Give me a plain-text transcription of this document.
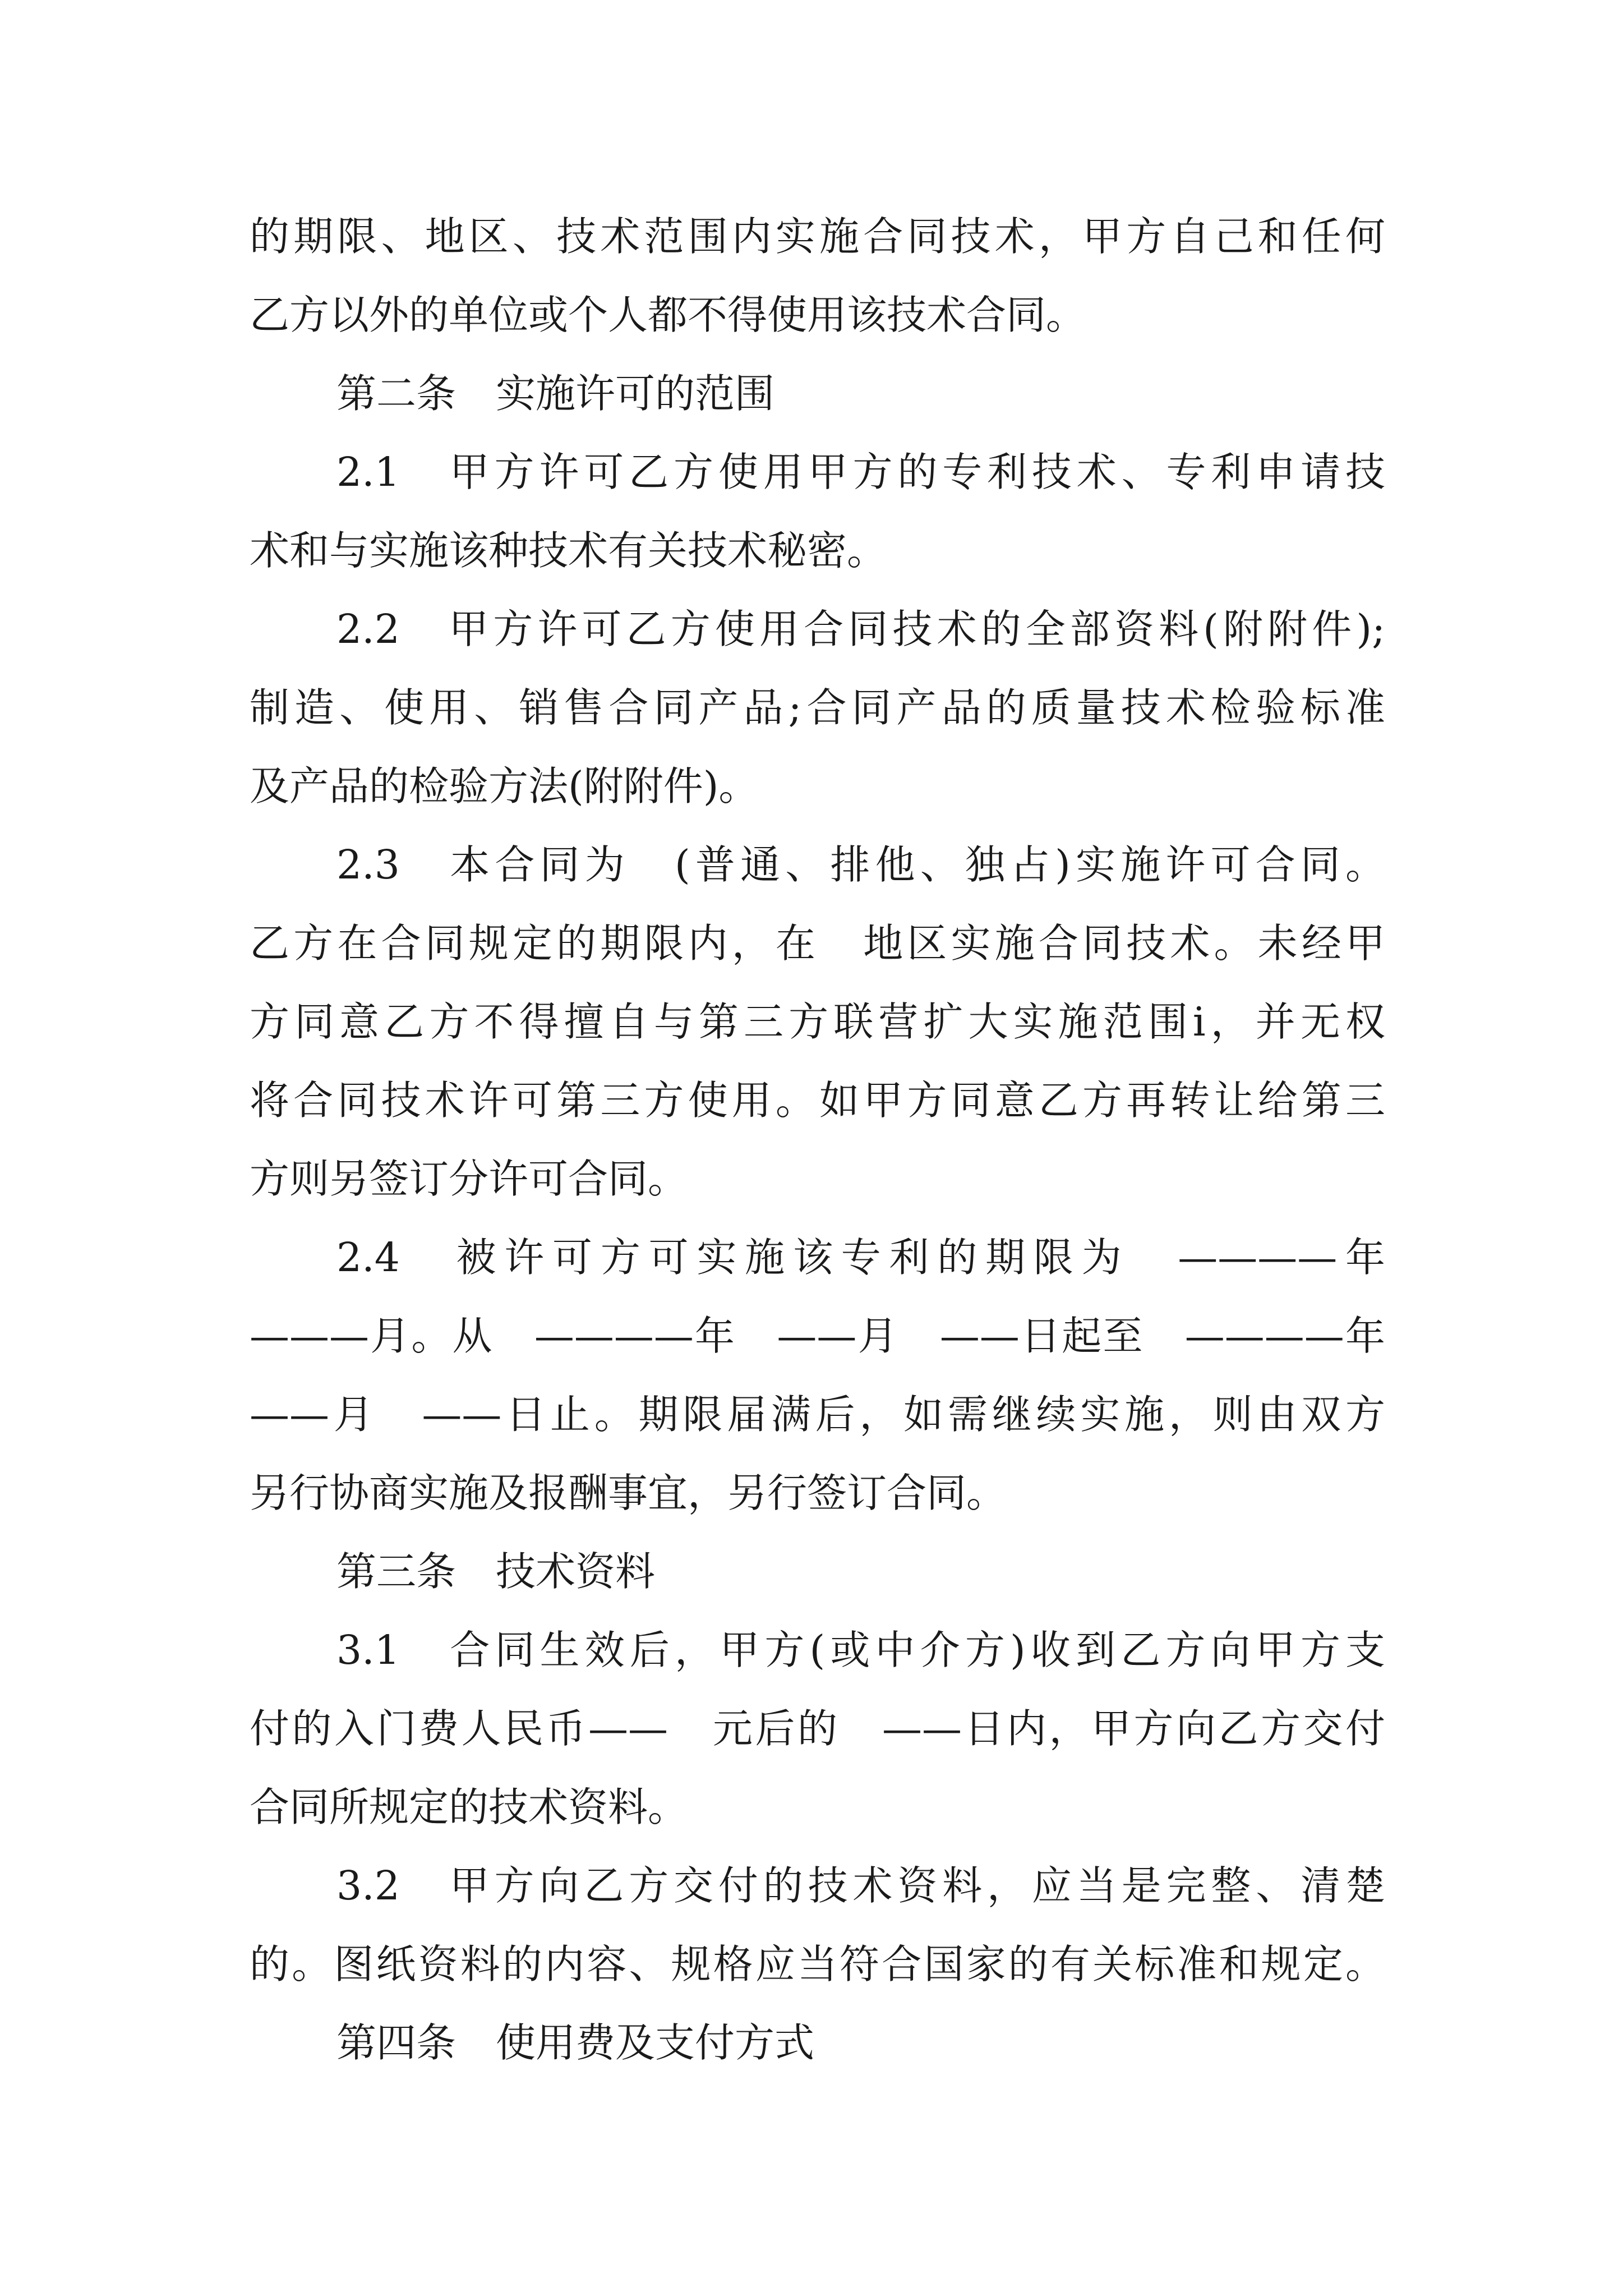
的期限、地区、技术范围内实施合同技术，甲方自己和任何
乙方以外的单位或个人都不得使用该技术合同。
第二条　实施许可的范围
2.1　甲方许可乙方使用甲方的专利技术、专利申请技
术和与实施该种技术有关技术秘密。
2.2　甲方许可乙方使用合同技术的全部资料(附附件);
制造、使用、销售合同产品;合同产品的质量技术检验标准
及产品的检验方法(附附件)。
2.3　本合同为　(普通、排他、独占)实施许可合同。
乙方在合同规定的期限内，在　地区实施合同技术。未经甲
方同意乙方不得擅自与第三方联营扩大实施范围i，并无权
将合同技术许可第三方使用。如甲方同意乙方再转让给第三
方则另签订分许可合同。
2.4　被许可方可实施该专利的期限为　————年
———月。从　————年　——月　——日起至　————年
——月　——日止。期限届满后，如需继续实施，则由双方
另行协商实施及报酬事宜，另行签订合同。
第三条　技术资料
3.1　合同生效后，甲方(或中介方)收到乙方向甲方支
付的入门费人民币——　元后的　——日内，甲方向乙方交付
合同所规定的技术资料。
3.2　甲方向乙方交付的技术资料，应当是完整、清楚
的。图纸资料的内容、规格应当符合国家的有关标准和规定。
第四条　使用费及支付方式
